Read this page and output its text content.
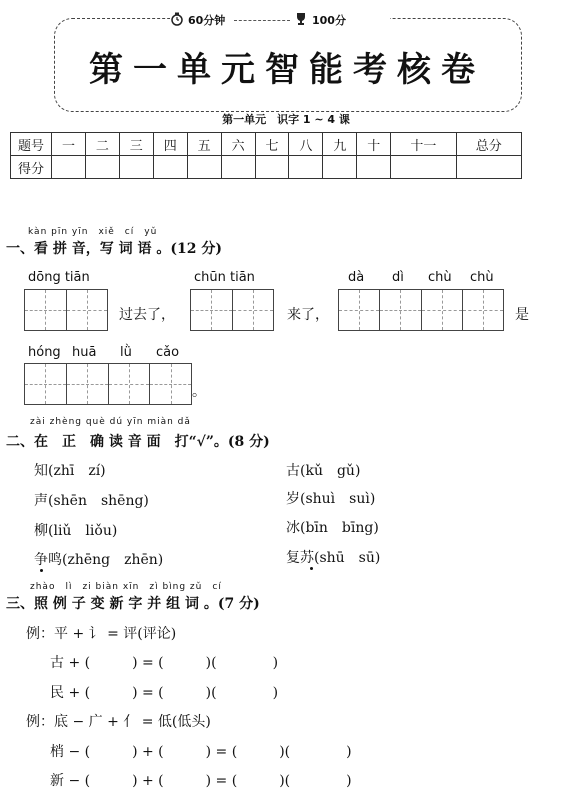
60分钟	100分
第一单元智能考核卷
第一单元　识字 1 ~ 4 课
题号	一	二	三	四	五	六	七	八	九	十	十一	总分
得分												
kàn pīn yīn　xiě　cí　yǔ
一、看 拼 音，写 词 语 。(12 分)
dōng tiān
过去了，
chūn tiān
来了，
dà dì chù chù
是
hóng huā lǜ cǎo
。
zài zhèng què dú yīn miàn dǎ
二、在　正　确 读 音 面　打“√”。(8 分)
知(zhī　zí)	古(kǔ　gǔ)
声(shēn　shēng)	岁(shuì　suì)
柳(liǔ　liǒu)	冰(bīn　bīng)
争鸣(zhēng　zhēn)	复苏(shū　sū)
zhào　lì　zi biàn xīn　zì bìng zǔ　cí
三、照 例 子 变 新 字 并 组 词 。(7 分)
例：平 + 讠 = 评(评论)
古 + (　　　) = (　　　)(　　　　)
民 + (　　　) = (　　　)(　　　　)
例：底 − 广 + 亻 = 低(低头)
梢 − (　　　) + (　　　) = (　　　)(　　　　)
新 − (　　　) + (　　　) = (　　　)(　　　　)
